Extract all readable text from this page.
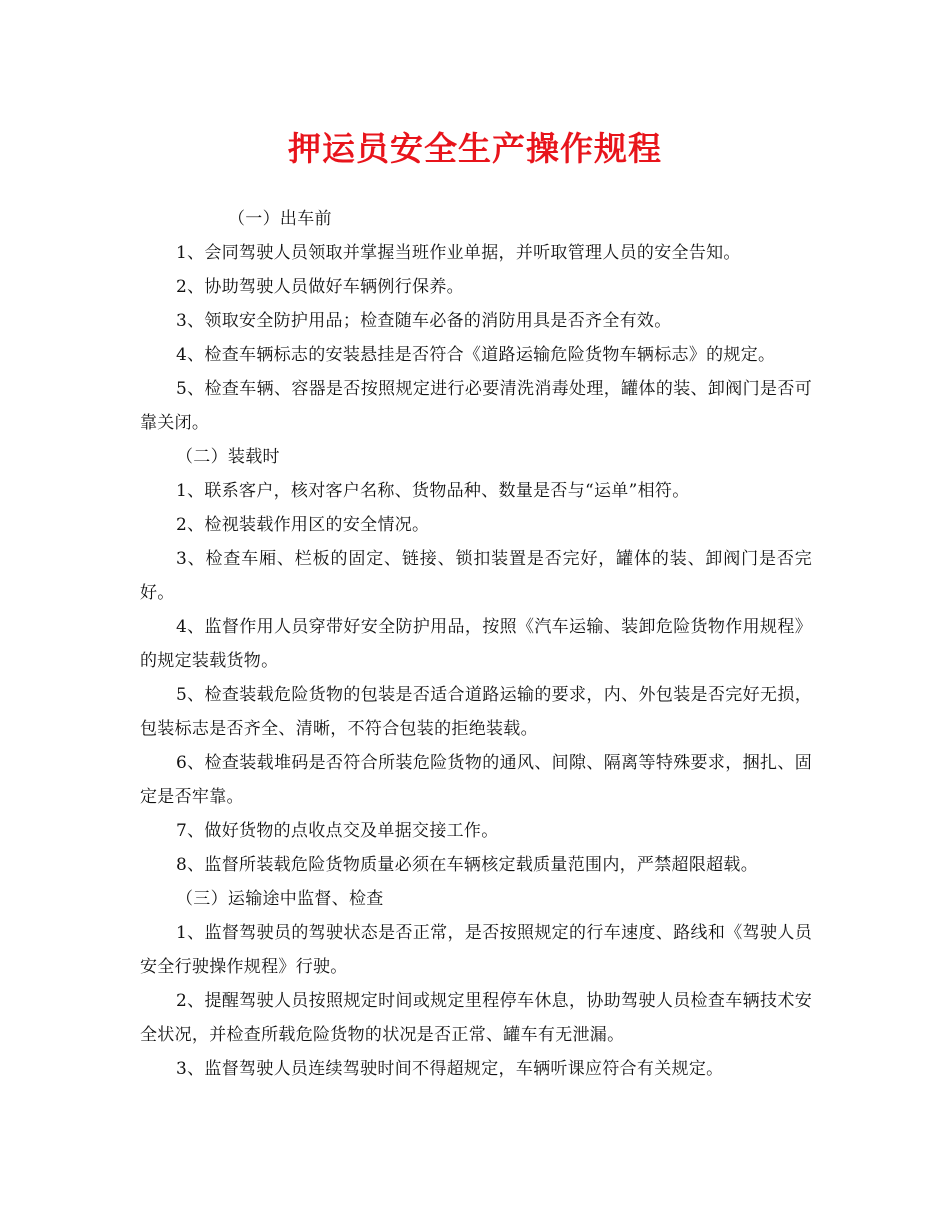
押运员安全生产操作规程

（一）出车前

1、会同驾驶人员领取并掌握当班作业单据，并听取管理人员的安全告知。

2、协助驾驶人员做好车辆例行保养。

3、领取安全防护用品；检查随车必备的消防用具是否齐全有效。

4、检查车辆标志的安装悬挂是否符合《道路运输危险货物车辆标志》的规定。

5、检查车辆、容器是否按照规定进行必要清洗消毒处理，罐体的装、卸阀门是否可靠关闭。

（二）装载时

1、联系客户，核对客户名称、货物品种、数量是否与“运单”相符。

2、检视装载作用区的安全情况。

3、检查车厢、栏板的固定、链接、锁扣装置是否完好，罐体的装、卸阀门是否完好。

4、监督作用人员穿带好安全防护用品，按照《汽车运输、装卸危险货物作用规程》的规定装载货物。

5、检查装载危险货物的包装是否适合道路运输的要求，内、外包装是否完好无损，包装标志是否齐全、清晰，不符合包装的拒绝装载。

6、检查装载堆码是否符合所装危险货物的通风、间隙、隔离等特殊要求，捆扎、固定是否牢靠。

7、做好货物的点收点交及单据交接工作。

8、监督所装载危险货物质量必须在车辆核定载质量范围内，严禁超限超载。

（三）运输途中监督、检查

1、监督驾驶员的驾驶状态是否正常，是否按照规定的行车速度、路线和《驾驶人员安全行驶操作规程》行驶。

2、提醒驾驶人员按照规定时间或规定里程停车休息，协助驾驶人员检查车辆技术安全状况，并检查所载危险货物的状况是否正常、罐车有无泄漏。

3、监督驾驶人员连续驾驶时间不得超规定，车辆听课应符合有关规定。
